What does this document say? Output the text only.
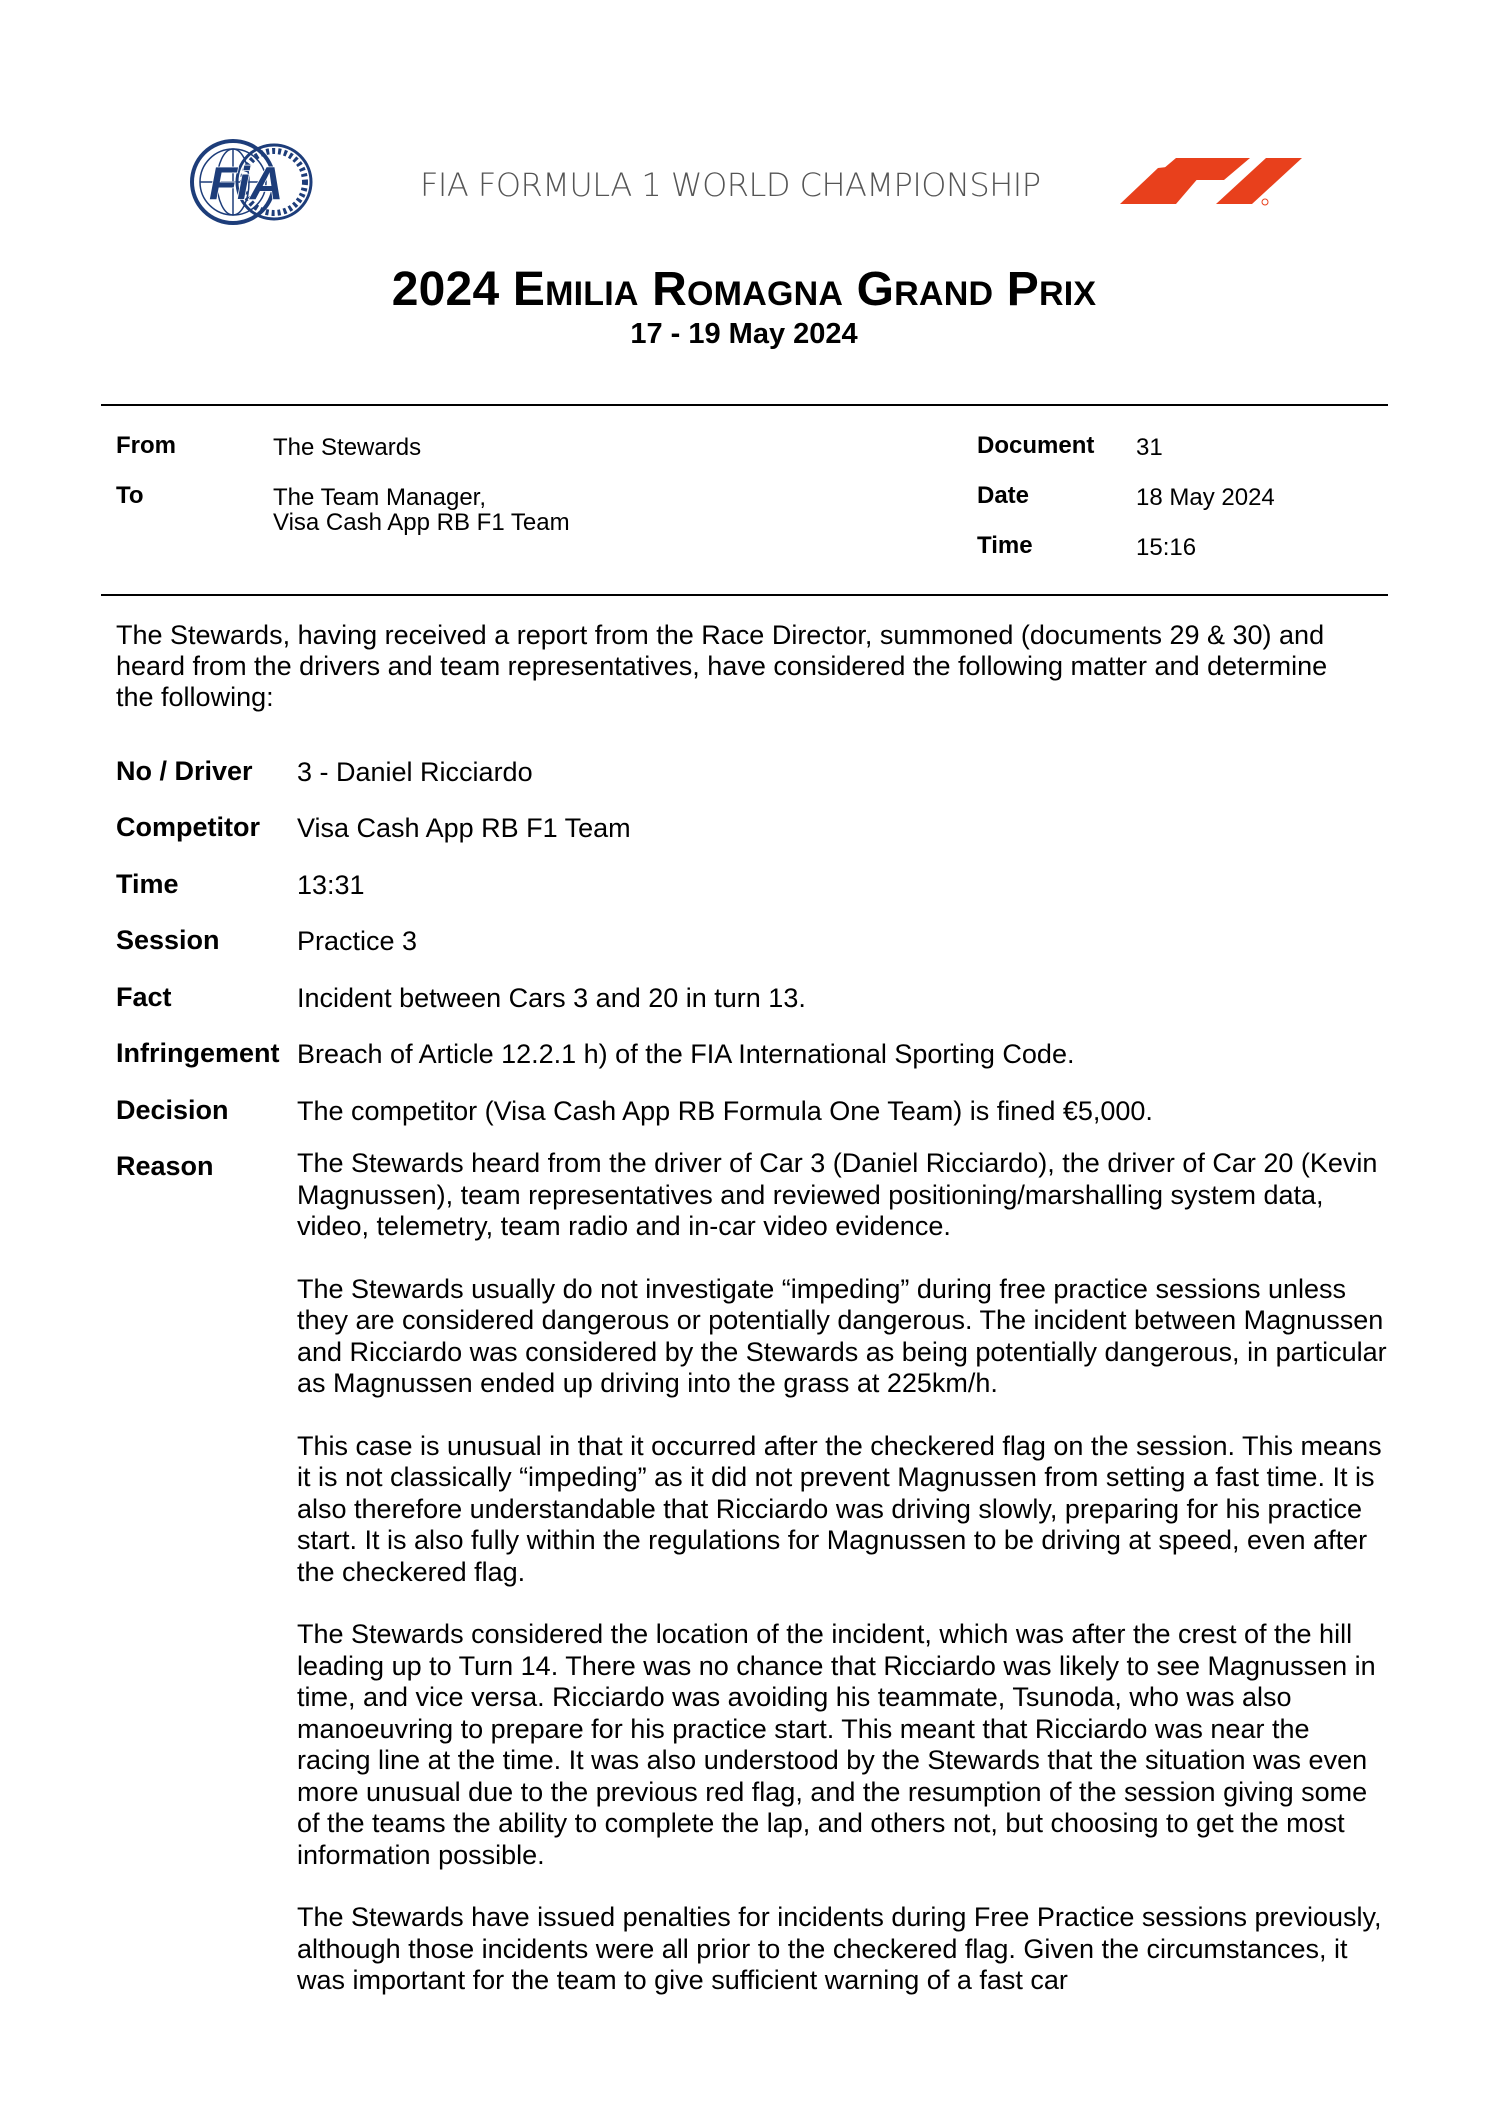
FiA	FIA FORMULA 1 WORLD CHAMPIONSHIP
2024 Emilia Romagna Grand Prix
17 - 19 May 2024
From	The Stewards
To	The Team Manager,
Visa Cash App RB F1 Team
Document 31
Date	18 May 2024
Time	15:16
The Stewards, having received a report from the Race Director, summoned (documents 29 & 30) and heard from the drivers and team representatives, have considered the following matter and determine the following:
No / Driver 3 - Daniel Ricciardo
Competitor Visa Cash App RB F1 Team
Time	13:31
Session	Practice 3
Fact	Incident between Cars 3 and 20 in turn 13.
Infringement Breach of Article 12.2.1 h) of the FIA International Sporting Code.
Decision	The competitor (Visa Cash App RB Formula One Team) is fined €5,000.
Reason	The Stewards heard from the driver of Car 3 (Daniel Ricciardo), the driver of Car 20 (Kevin Magnussen), team representatives and reviewed positioning/marshalling system data, video, telemetry, team radio and in-car video evidence.

The Stewards usually do not investigate “impeding” during free practice sessions unless they are considered dangerous or potentially dangerous. The incident between Magnussen and Ricciardo was considered by the Stewards as being potentially dangerous, in particular as Magnussen ended up driving into the grass at 225km/h.

This case is unusual in that it occurred after the checkered flag on the session. This means it is not classically “impeding” as it did not prevent Magnussen from setting a fast time. It is also therefore understandable that Ricciardo was driving slowly, preparing for his practice start. It is also fully within the regulations for Magnussen to be driving at speed, even after the checkered flag.

The Stewards considered the location of the incident, which was after the crest of the hill leading up to Turn 14. There was no chance that Ricciardo was likely to see Magnussen in time, and vice versa. Ricciardo was avoiding his teammate, Tsunoda, who was also manoeuvring to prepare for his practice start. This meant that Ricciardo was near the racing line at the time. It was also understood by the Stewards that the situation was even more unusual due to the previous red flag, and the resumption of the session giving some of the teams the ability to complete the lap, and others not, but choosing to get the most information possible.

The Stewards have issued penalties for incidents during Free Practice sessions previously, although those incidents were all prior to the checkered flag. Given the circumstances, it was important for the team to give sufficient warning of a fast car
